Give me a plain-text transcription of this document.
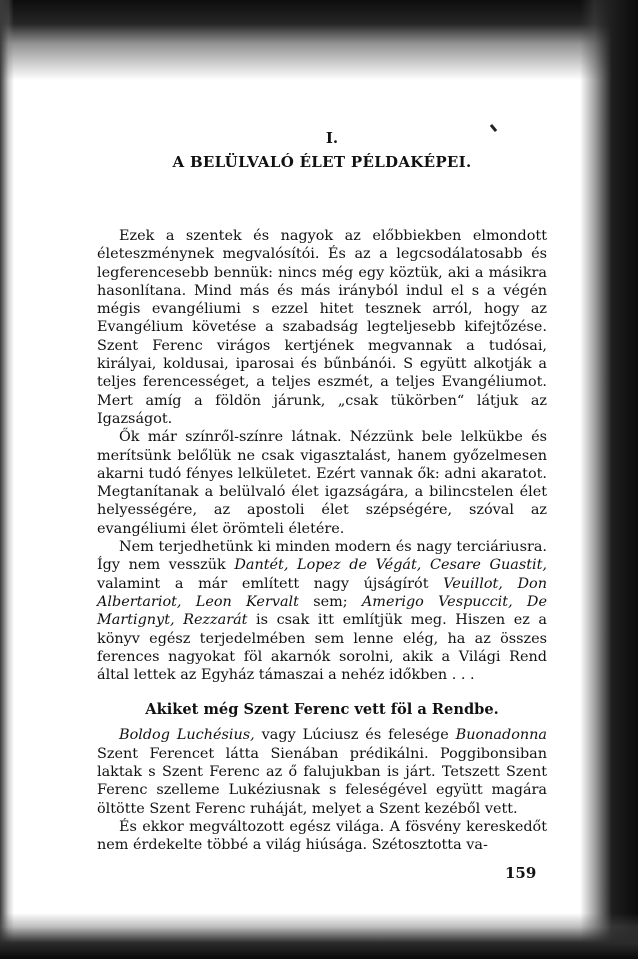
I.

A BELÜLVALÓ ÉLET PÉLDAKÉPEI.

Ezek a szentek és nagyok az előbbiekben elmondott életeszménynek megvalósítói. És az a legcsodálatosabb és legferencesebb bennük: nincs még egy köztük, aki a másikra hasonlítana. Mind más és más irányból indul el s a végén mégis evangéliumi s ezzel hitet tesznek arról, hogy az Evangélium követése a szabadság legteljesebb kifejtőzése. Szent Ferenc virágos kertjének megvannak a tudósai, királyai, koldusai, iparosai és bűnbánói. S együtt alkotják a teljes ferencességet, a teljes eszmét, a teljes Evangéliumot. Mert amíg a földön járunk, „csak tükörben“ látjuk az Igazságot.

Ők már színről-színre látnak. Nézzünk bele lelkükbe és merítsünk belőlük ne csak vigasztalást, hanem győzelmesen akarni tudó fényes lelkületet. Ezért vannak ők: adni akaratot. Megtanítanak a belülvaló élet igazságára, a bilincstelen élet helyességére, az apostoli élet szépségére, szóval az evangéliumi élet örömteli életére.

Nem terjedhetünk ki minden modern és nagy terciáriusra. Így nem vesszük Dantét, Lopez de Végát, Cesare Guastit, valamint a már említett nagy újságírót Veuillot, Don Albertariot, Leon Kervalt sem; Amerigo Vespuccit, De Martignyt, Rezzarát is csak itt említjük meg. Hiszen ez a könyv egész terjedelmében sem lenne elég, ha az összes ferences nagyokat föl akarnók sorolni, akik a Világi Rend által lettek az Egyház támaszai a nehéz időkben . . .

Akiket még Szent Ferenc vett föl a Rendbe.

Boldog Luchésius, vagy Lúciusz és felesége Buonadonna Szent Ferencet látta Sienában prédikálni. Poggibonsiban laktak s Szent Ferenc az ő falujukban is járt. Tetszett Szent Ferenc szelleme Lukéziusnak s feleségével együtt magára öltötte Szent Ferenc ruháját, melyet a Szent kezéből vett.

És ekkor megváltozott egész világa. A fösvény kereskedőt nem érdekelte többé a világ hiúsága. Szétosztotta va-

159
